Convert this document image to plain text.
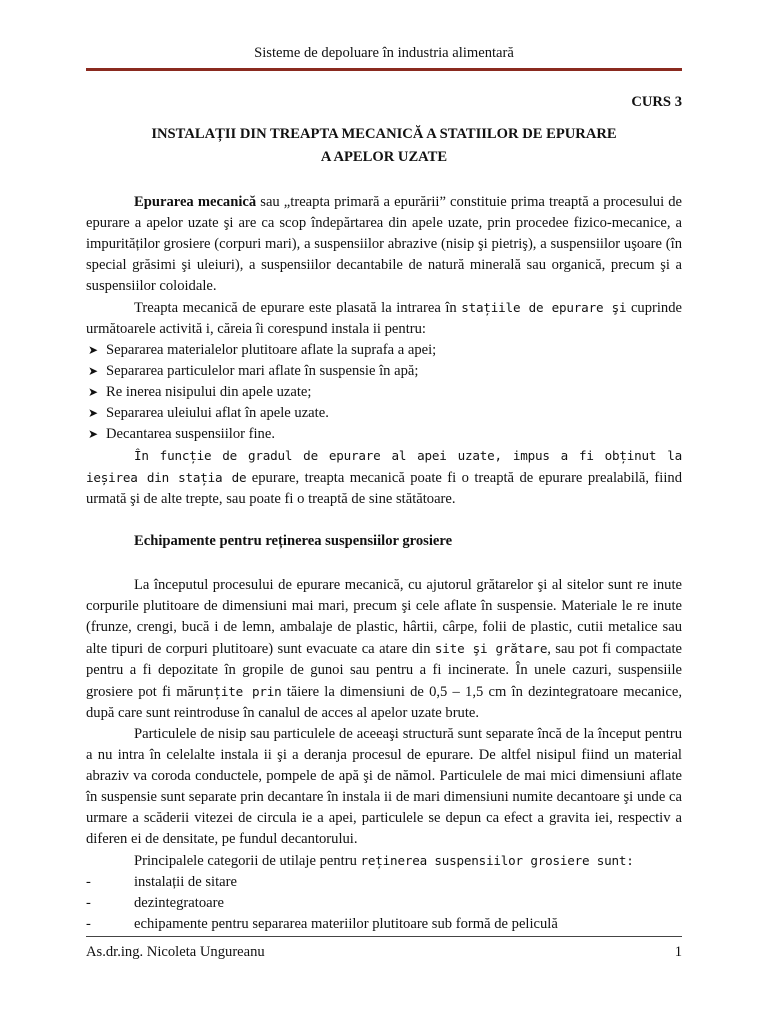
Sisteme de depoluare în industria alimentară

CURS 3

INSTALAȚII DIN TREAPTA MECANICĂ A STATIILOR DE EPURARE
A APELOR UZATE

Epurarea mecanică sau „treapta primară a epurării” constituie prima treaptă a procesului de epurare a apelor uzate şi are ca scop îndepărtarea din apele uzate, prin procedee fizico-mecanice, a impurităților grosiere (corpuri mari), a suspensiilor abrazive (nisip şi pietriş), a suspensiilor uşoare (în special grăsimi şi uleiuri), a suspensiilor decantabile de natură minerală sau organică, precum şi a suspensiilor coloidale.

Treapta mecanică de epurare este plasată la intrarea în stațiile de epurare şi cuprinde următoarele activită i, căreia îi corespund instala ii pentru:

➤ Separarea materialelor plutitoare aflate la suprafa a apei;
➤ Separarea particulelor mari aflate în suspensie în apă;
➤ Re inerea nisipului din apele uzate;
➤ Separarea uleiului aflat în apele uzate.
➤ Decantarea suspensiilor fine.

În funcție de gradul de epurare al apei uzate, impus a fi obținut la ieșirea din stația de epurare, treapta mecanică poate fi o treaptă de epurare prealabilă, fiind urmată şi de alte trepte, sau poate fi o treaptă de sine stătătoare.

Echipamente pentru reținerea suspensiilor grosiere

La începutul procesului de epurare mecanică, cu ajutorul grătarelor şi al sitelor sunt re inute corpurile plutitoare de dimensiuni mai mari, precum şi cele aflate în suspensie. Materiale le re inute (frunze, crengi, bucă i de lemn, ambalaje de plastic, hârtii, cârpe, folii de plastic, cutii metalice sau alte tipuri de corpuri plutitoare) sunt evacuate ca atare din site şi grătare, sau pot fi compactate pentru a fi depozitate în gropile de gunoi sau pentru a fi incinerate. În unele cazuri, suspensiile grosiere pot fi mărunțite prin tăiere la dimensiuni de 0,5 – 1,5 cm în dezintegratoare mecanice, după care sunt reintroduse în canalul de acces al apelor uzate brute.

Particulele de nisip sau particulele de aceeaşi structură sunt separate încă de la început pentru a nu intra în celelalte instala ii şi a deranja procesul de epurare. De altfel nisipul fiind un material abraziv va coroda conductele, pompele de apă şi de nămol. Particulele de mai mici dimensiuni aflate în suspensie sunt separate prin decantare în instala ii de mari dimensiuni numite decantoare şi unde ca urmare a scăderii vitezei de circula ie a apei, particulele se depun ca efect a gravita iei, respectiv a diferen ei de densitate, pe fundul decantorului.

Principalele categorii de utilaje pentru reținerea suspensiilor grosiere sunt:

-	instalații de sitare
-	dezintegratoare
-	echipamente pentru separarea materiilor plutitoare sub formă de peliculă
As.dr.ing. Nicoleta Ungureanu	1
